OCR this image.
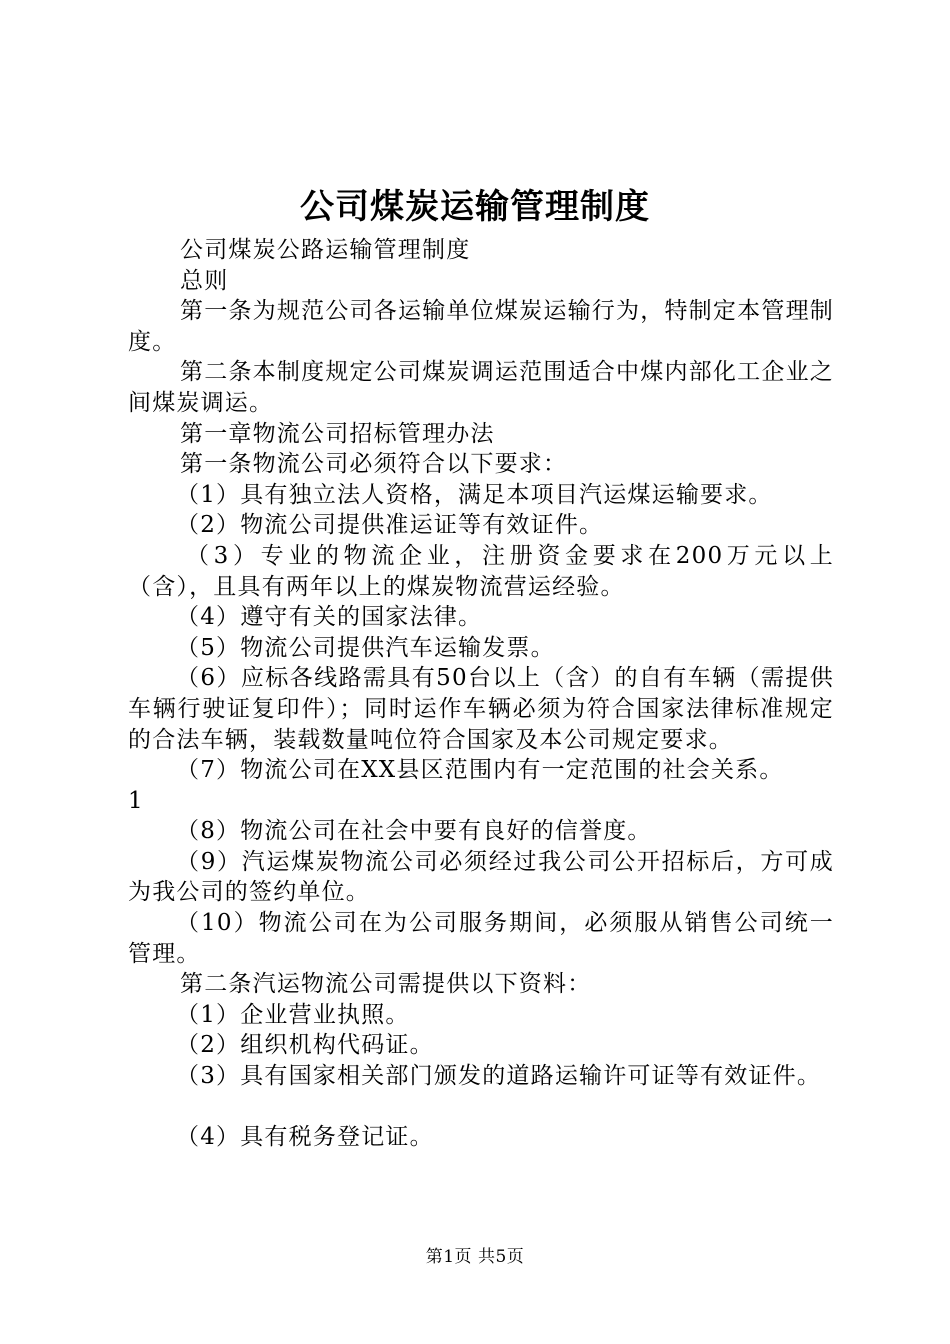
公司煤炭运输管理制度

公司煤炭公路运输管理制度

总则

第一条为规范公司各运输单位煤炭运输行为，特制定本管理制度。

第二条本制度规定公司煤炭调运范围适合中煤内部化工企业之间煤炭调运。

第一章物流公司招标管理办法

第一条物流公司必须符合以下要求：

（1）具有独立法人资格，满足本项目汽运煤运输要求。

（2）物流公司提供准运证等有效证件。

（3）专业的物流企业，注册资金要求在200万元以上（含），且具有两年以上的煤炭物流营运经验。

（4）遵守有关的国家法律。

（5）物流公司提供汽车运输发票。

（6）应标各线路需具有50台以上（含）的自有车辆（需提供车辆行驶证复印件）；同时运作车辆必须为符合国家法律标准规定的合法车辆，装载数量吨位符合国家及本公司规定要求。

（7）物流公司在XX县区范围内有一定范围的社会关系。

1

（8）物流公司在社会中要有良好的信誉度。

（9）汽运煤炭物流公司必须经过我公司公开招标后，方可成为我公司的签约单位。

（10）物流公司在为公司服务期间，必须服从销售公司统一管理。

第二条汽运物流公司需提供以下资料：

（1）企业营业执照。

（2）组织机构代码证。

（3）具有国家相关部门颁发的道路运输许可证等有效证件。

（4）具有税务登记证。

第1页 共5页
